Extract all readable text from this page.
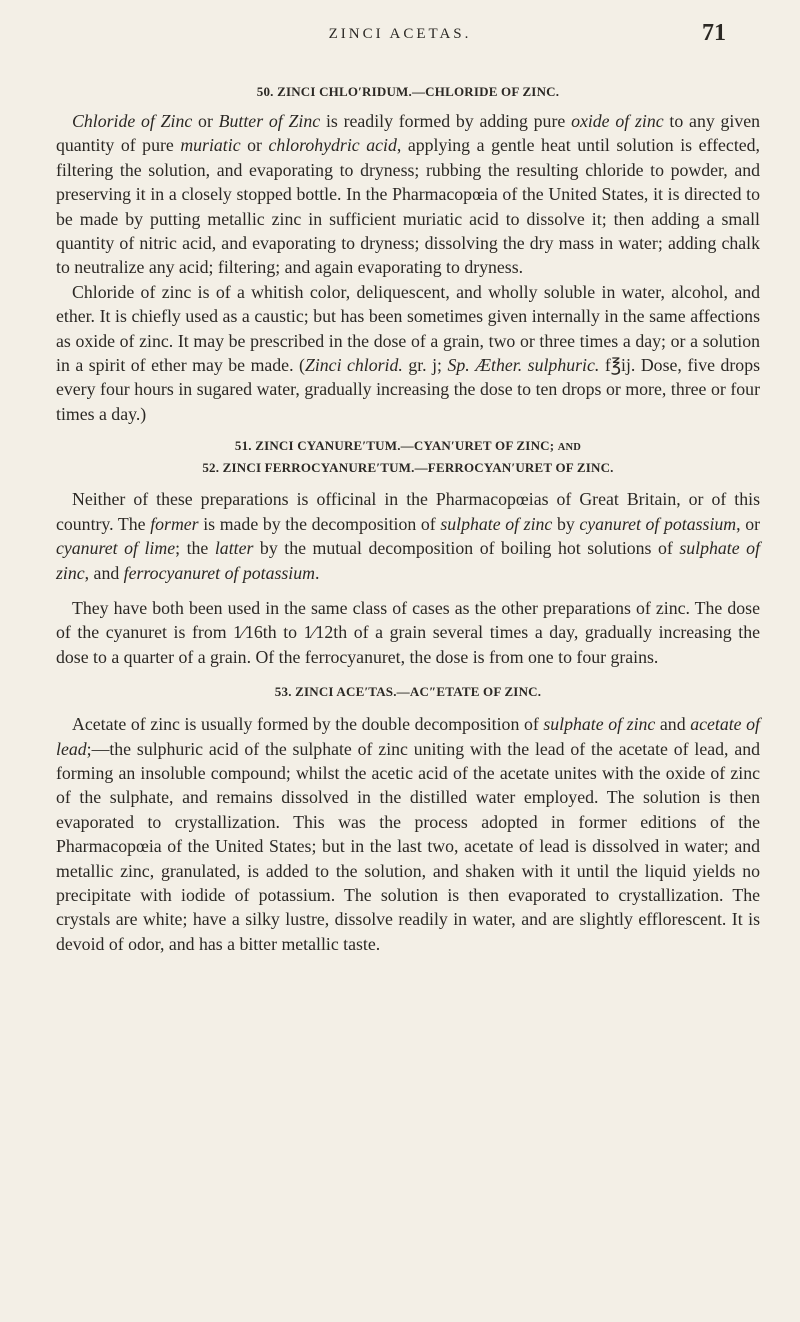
ZINCI ACETAS.	71
50. ZINCI CHLO′RIDUM.—CHLORIDE OF ZINC.

Chloride of Zinc or Butter of Zinc is readily formed by adding pure oxide of zinc to any given quantity of pure muriatic or chlorohydric acid, applying a gentle heat until solution is effected, filtering the solution, and evaporating to dryness; rubbing the resulting chloride to powder, and preserving it in a closely stopped bottle. In the Pharmacopœia of the United States, it is directed to be made by putting metallic zinc in sufficient muriatic acid to dissolve it; then adding a small quantity of nitric acid, and evaporating to dryness; dissolving the dry mass in water; adding chalk to neutralize any acid; filtering; and again evaporating to dryness.

Chloride of zinc is of a whitish color, deliquescent, and wholly soluble in water, alcohol, and ether. It is chiefly used as a caustic; but has been sometimes given internally in the same affections as oxide of zinc. It may be prescribed in the dose of a grain, two or three times a day; or a solution in a spirit of ether may be made. (Zinci chlorid. gr. j; Sp. Æther. sulphuric. f℥ij. Dose, five drops every four hours in sugared water, gradually increasing the dose to ten drops or more, three or four times a day.)

51. ZINCI CYANURE′TUM.—CYAN′URET OF ZINC; AND
52. ZINCI FERROCYANURE′TUM.—FERROCYAN′URET OF ZINC.

Neither of these preparations is officinal in the Pharmacopœias of Great Britain, or of this country. The former is made by the decomposition of sulphate of zinc by cyanuret of potassium, or cyanuret of lime; the latter by the mutual decomposition of boiling hot solutions of sulphate of zinc, and ferrocyanuret of potassium.

They have both been used in the same class of cases as the other preparations of zinc. The dose of the cyanuret is from 1⁄16th to 1⁄12th of a grain several times a day, gradually increasing the dose to a quarter of a grain. Of the ferrocyanuret, the dose is from one to four grains.

53. ZINCI ACE′TAS.—AC″ETATE OF ZINC.

Acetate of zinc is usually formed by the double decomposition of sulphate of zinc and acetate of lead;—the sulphuric acid of the sulphate of zinc uniting with the lead of the acetate of lead, and forming an insoluble compound; whilst the acetic acid of the acetate unites with the oxide of zinc of the sulphate, and remains dissolved in the distilled water employed. The solution is then evaporated to crystallization. This was the process adopted in former editions of the Pharmacopœia of the United States; but in the last two, acetate of lead is dissolved in water; and metallic zinc, granulated, is added to the solution, and shaken with it until the liquid yields no precipitate with iodide of potassium. The solution is then evaporated to crystallization. The crystals are white; have a silky lustre, dissolve readily in water, and are slightly efflorescent. It is devoid of odor, and has a bitter metallic taste.
